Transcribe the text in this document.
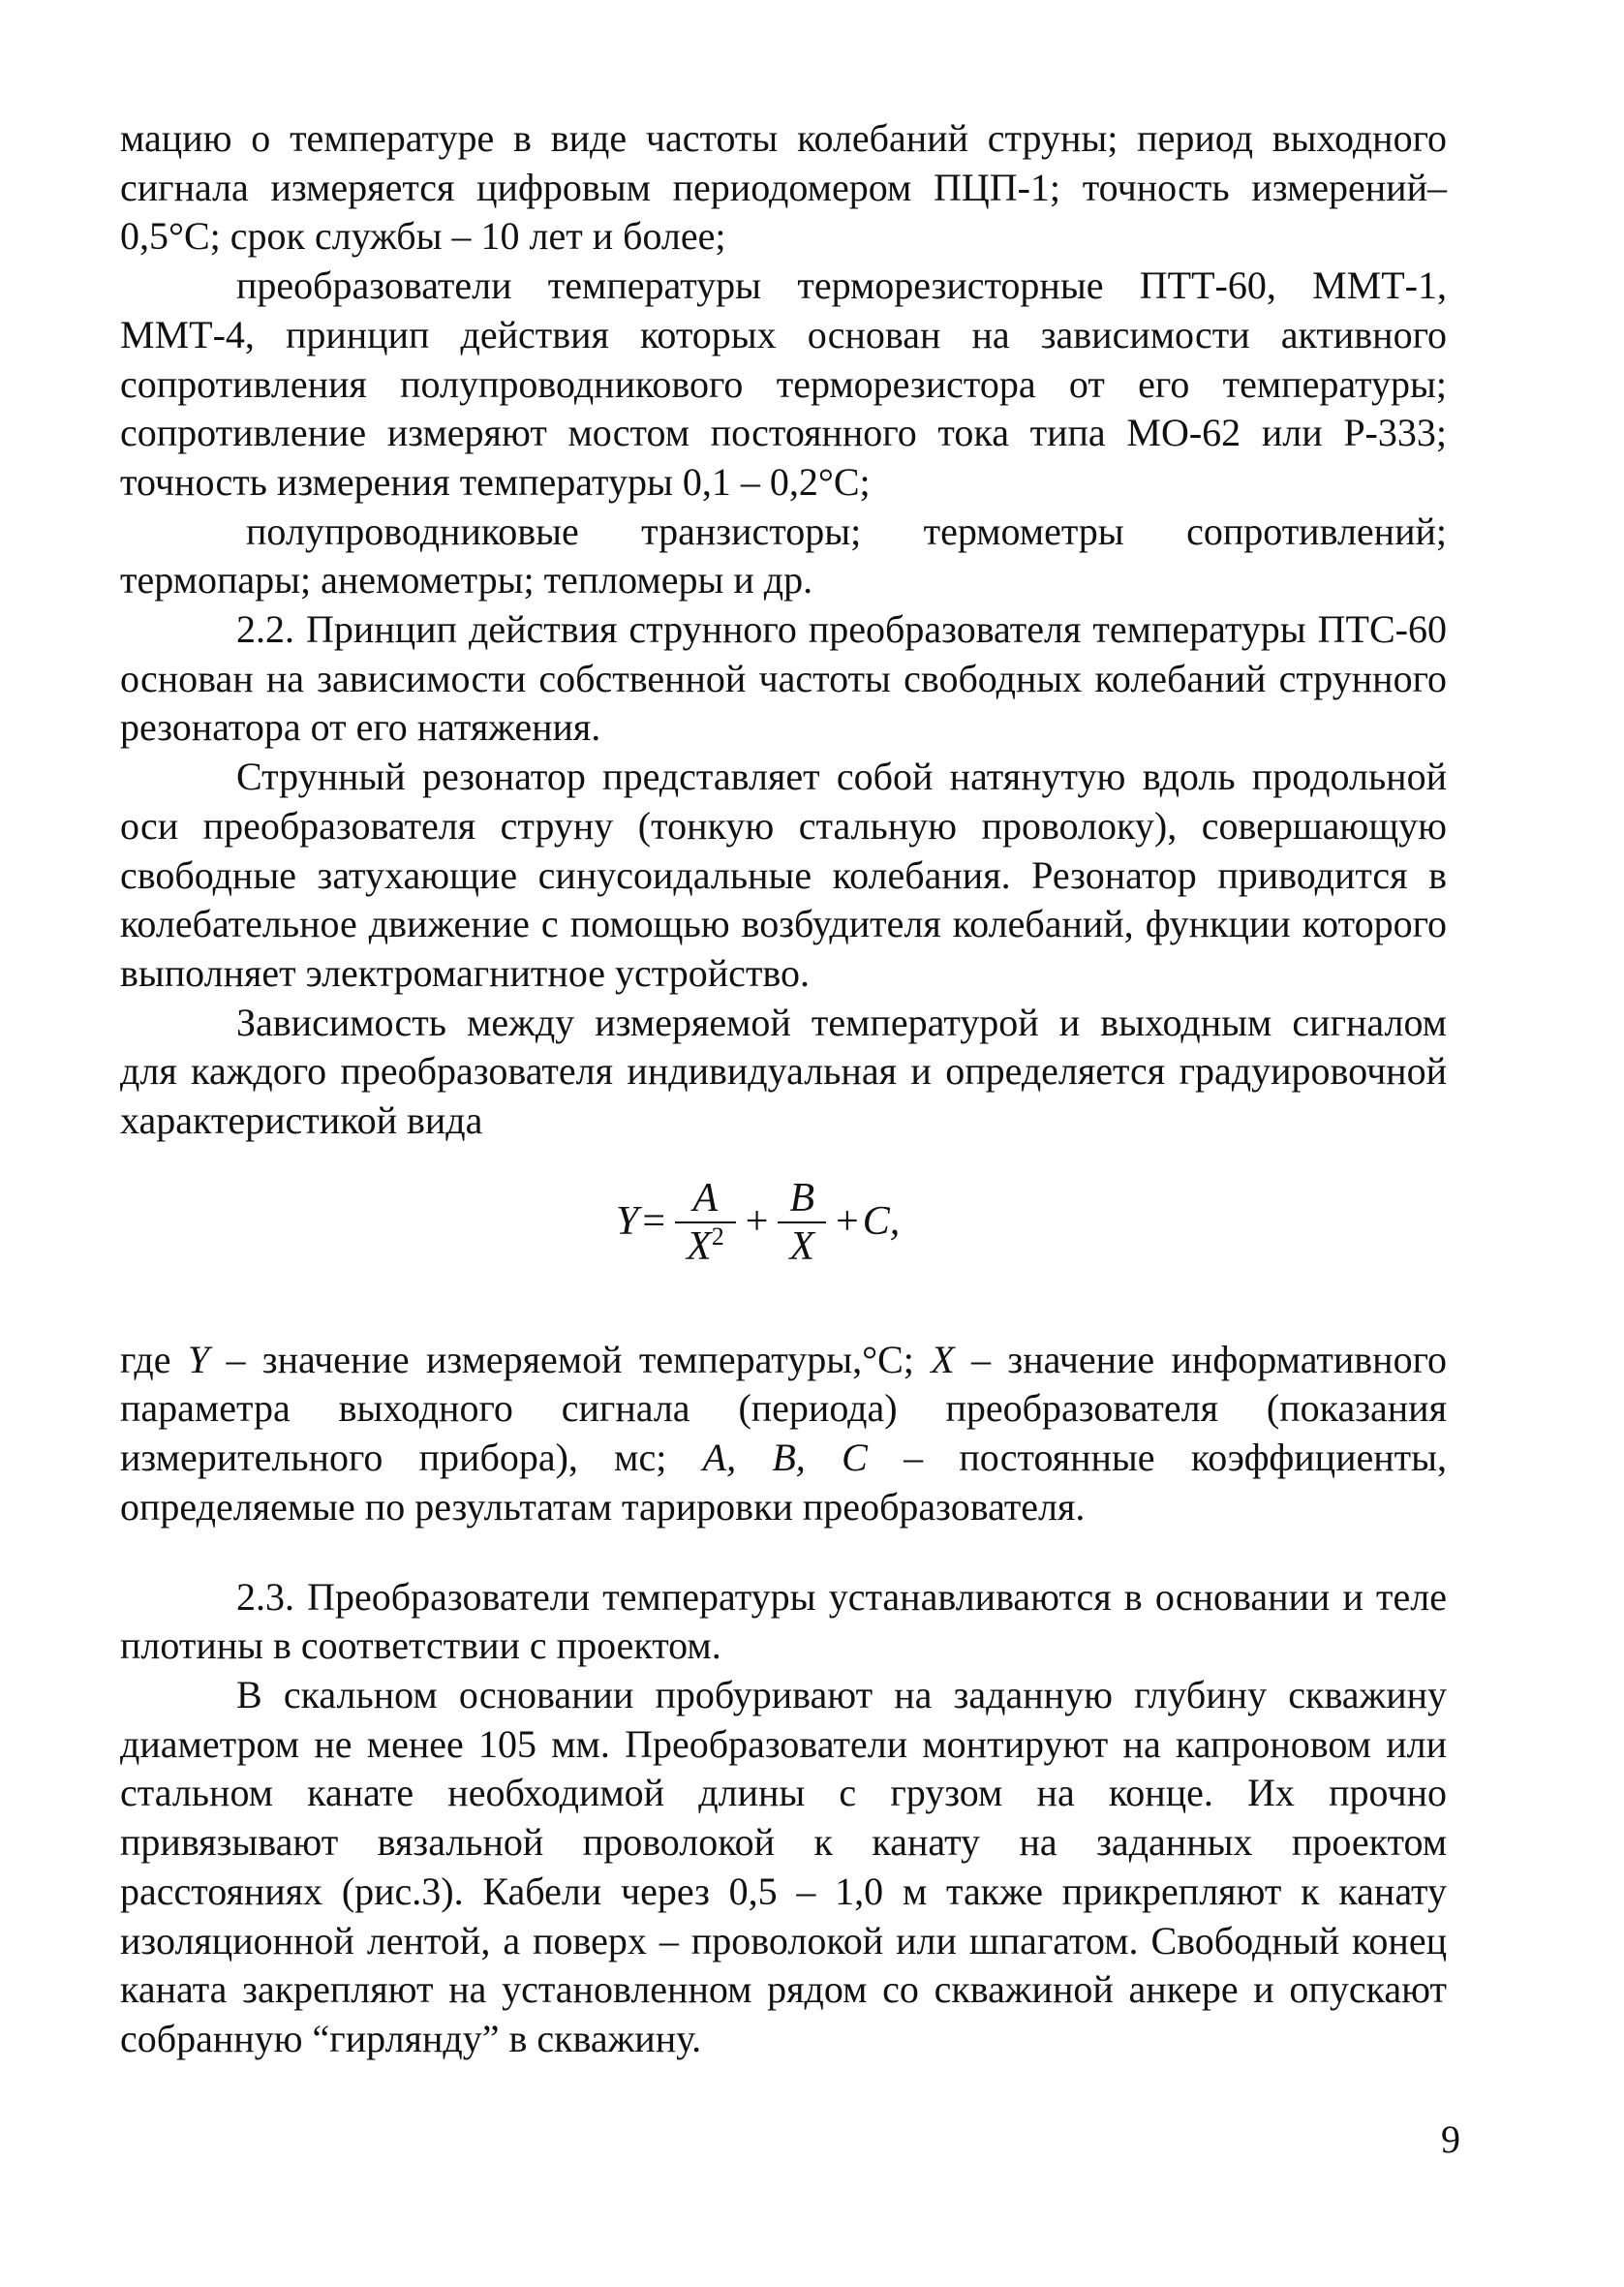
мацию о температуре в виде частоты колебаний струны; период выходного сигнала измеряется цифровым периодомером ПЦП-1; точность измерений– 0,5°С; срок службы – 10 лет и более;

преобразователи температуры терморезисторные ПТТ-60, ММТ-1, ММТ-4, принцип действия которых основан на зависимости активного сопротивления полупроводникового терморезистора от его температуры; сопротивление измеряют мостом постоянного тока типа МО-62 или Р-333; точность измерения температуры 0,1 – 0,2°С;

полупроводниковые транзисторы; термометры сопротивлений; термопары; анемометры; тепломеры и др.

2.2. Принцип действия струнного преобразователя температуры ПТС-60 основан на зависимости собственной частоты свободных колебаний струнного резонатора от его натяжения.

Струнный резонатор представляет собой натянутую вдоль продольной оси преобразователя струну (тонкую стальную проволоку), совершающую свободные затухающие синусоидальные колебания. Резонатор приводится в колебательное движение с помощью возбудителя колебаний, функции которого выполняет электромагнитное устройство.

Зависимость между измеряемой температурой и выходным сигналом для каждого преобразователя индивидуальная и определяется градуировочной характеристикой вида

$Y = \frac{A}{X^2} + \frac{B}{X} + C$ ,

где Y – значение измеряемой температуры,°С; X – значение информативного параметра выходного сигнала (периода) преобразователя (показания измерительного прибора), мс; A, B, C – постоянные коэффициенты, определяемые по результатам тарировки преобразователя.

2.3. Преобразователи температуры устанавливаются в основании и теле плотины в соответствии с проектом.

В скальном основании пробуривают на заданную глубину скважину диаметром не менее 105 мм. Преобразователи монтируют на капроновом или стальном канате необходимой длины с грузом на конце. Их прочно привязывают вязальной проволокой к канату на заданных проектом расстояниях (рис.3). Кабели через 0,5 – 1,0 м также прикрепляют к канату изоляционной лентой, а поверх – проволокой или шпагатом. Свободный конец каната закрепляют на установленном рядом со скважиной анкере и опускают собранную “гирлянду” в скважину.

9
